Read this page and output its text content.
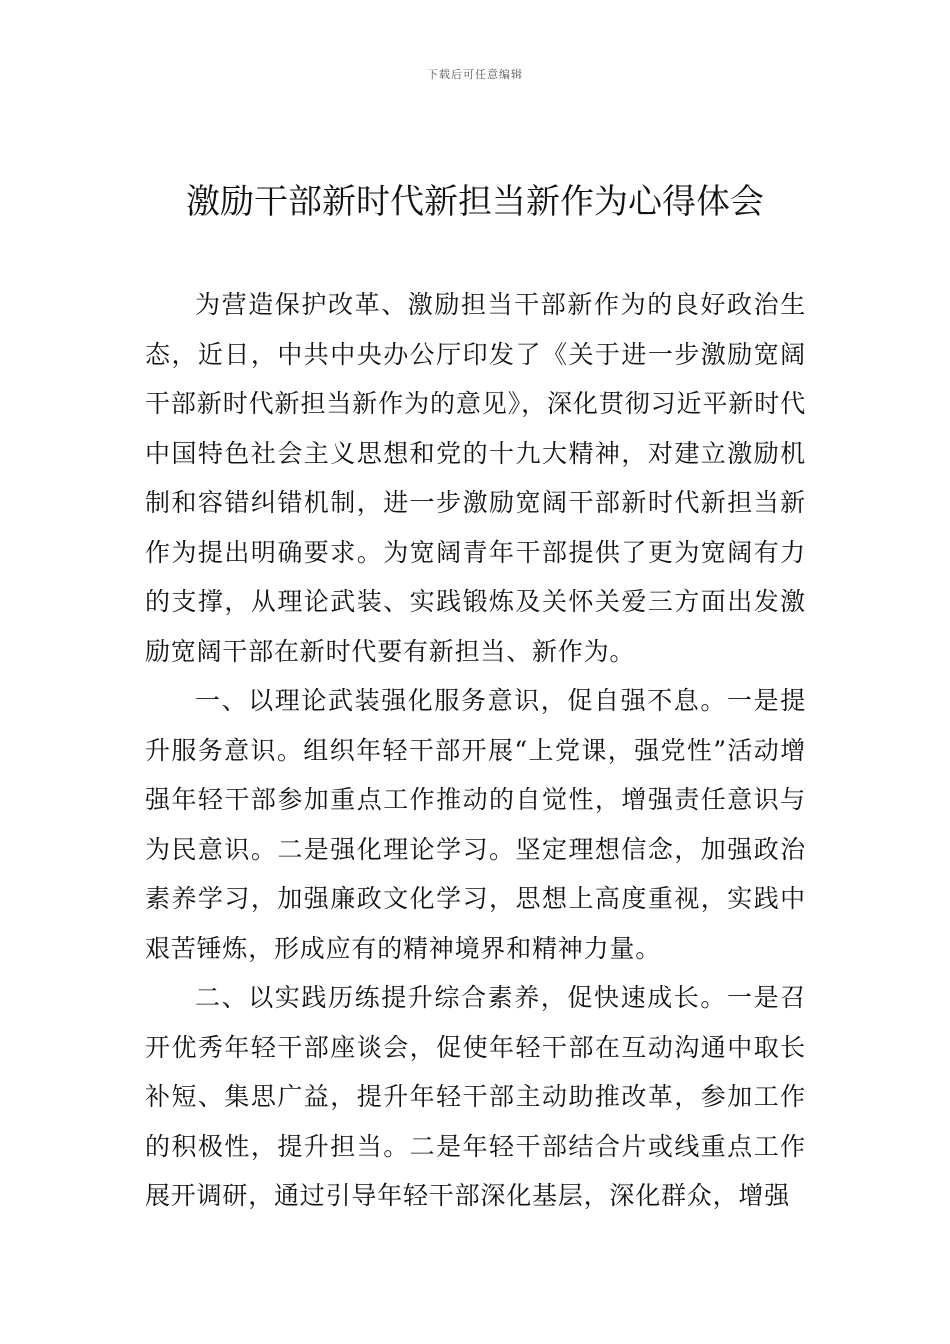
下载后可任意编辑
激励干部新时代新担当新作为心得体会

为营造保护改革、激励担当干部新作为的良好政治生态，近日，中共中央办公厅印发了《关于进一步激励宽阔干部新时代新担当新作为的意见》，深化贯彻习近平新时代中国特色社会主义思想和党的十九大精神，对建立激励机制和容错纠错机制，进一步激励宽阔干部新时代新担当新作为提出明确要求。为宽阔青年干部提供了更为宽阔有力的支撑，从理论武装、实践锻炼及关怀关爱三方面出发激励宽阔干部在新时代要有新担当、新作为。

一、以理论武装强化服务意识，促自强不息。一是提升服务意识。组织年轻干部开展“上党课，强党性”活动增强年轻干部参加重点工作推动的自觉性，增强责任意识与为民意识。二是强化理论学习。坚定理想信念，加强政治素养学习，加强廉政文化学习，思想上高度重视，实践中艰苦锤炼，形成应有的精神境界和精神力量。

二、以实践历练提升综合素养，促快速成长。一是召开优秀年轻干部座谈会，促使年轻干部在互动沟通中取长补短、集思广益，提升年轻干部主动助推改革，参加工作的积极性，提升担当。二是年轻干部结合片或线重点工作展开调研，通过引导年轻干部深化基层，深化群众，增强
